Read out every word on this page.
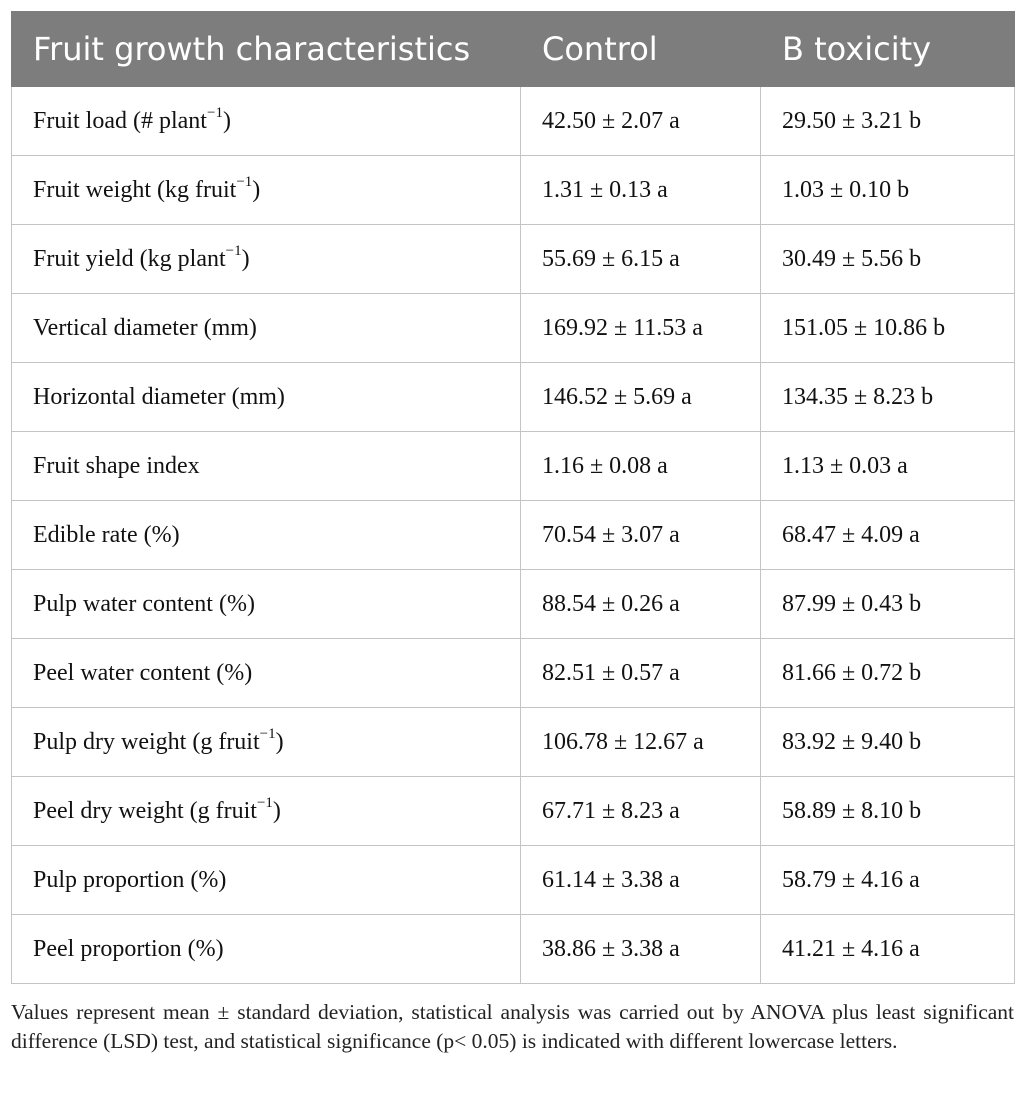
Fruit growth characteristics	Control	B toxicity
Fruit load (# plant$^{-1}$)	42.50 ± 2.07 a	29.50 ± 3.21 b
Fruit weight (kg fruit$^{-1}$)	1.31 ± 0.13 a	1.03 ± 0.10 b
Fruit yield (kg plant$^{-1}$)	55.69 ± 6.15 a	30.49 ± 5.56 b
Vertical diameter (mm)	169.92 ± 11.53 a	151.05 ± 10.86 b
Horizontal diameter (mm)	146.52 ± 5.69 a	134.35 ± 8.23 b
Fruit shape index	1.16 ± 0.08 a	1.13 ± 0.03 a
Edible rate (%)	70.54 ± 3.07 a	68.47 ± 4.09 a
Pulp water content (%)	88.54 ± 0.26 a	87.99 ± 0.43 b
Peel water content (%)	82.51 ± 0.57 a	81.66 ± 0.72 b
Pulp dry weight (g fruit$^{-1}$)	106.78 ± 12.67 a	83.92 ± 9.40 b
Peel dry weight (g fruit$^{-1}$)	67.71 ± 8.23 a	58.89 ± 8.10 b
Pulp proportion (%)	61.14 ± 3.38 a	58.79 ± 4.16 a
Peel proportion (%)	38.86 ± 3.38 a	41.21 ± 4.16 a
Values represent mean ± standard deviation, statistical analysis was carried out by ANOVA plus least significant difference (LSD) test, and statistical significance (p< 0.05) is indicated with different lowercase letters.
